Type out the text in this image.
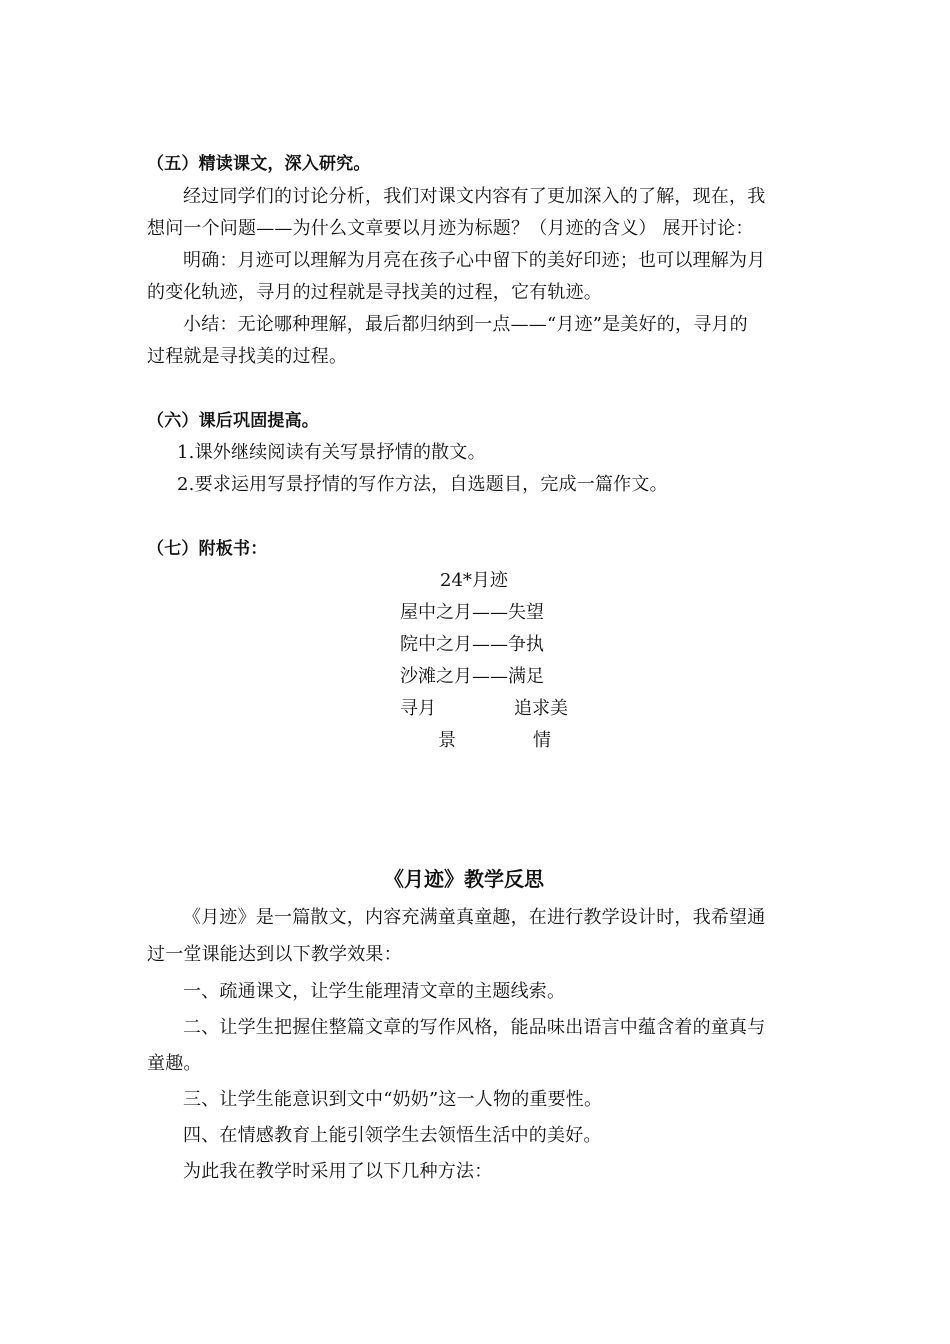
（五）精读课文，深入研究。
经过同学们的讨论分析，我们对课文内容有了更加深入的了解，现在，我
想问一个问题——为什么文章要以月迹为标题？（月迹的含义） 展开讨论：
明确：月迹可以理解为月亮在孩子心中留下的美好印迹；也可以理解为月
的变化轨迹，寻月的过程就是寻找美的过程，它有轨迹。
小结：无论哪种理解，最后都归纳到一点——“月迹”是美好的，寻月的
过程就是寻找美的过程。
（六）课后巩固提高。
1.课外继续阅读有关写景抒情的散文。
2.要求运用写景抒情的写作方法，自选题目，完成一篇作文。
（七）附板书：
24*月迹
屋中之月——失望
院中之月——争执
沙滩之月——满足
寻月	追求美
景	情
《月迹》教学反思
《月迹》是一篇散文，内容充满童真童趣，在进行教学设计时，我希望通
过一堂课能达到以下教学效果：
一、疏通课文，让学生能理清文章的主题线索。
二、让学生把握住整篇文章的写作风格，能品味出语言中蕴含着的童真与
童趣。
三、让学生能意识到文中“奶奶”这一人物的重要性。
四、在情感教育上能引领学生去领悟生活中的美好。
为此我在教学时采用了以下几种方法：
